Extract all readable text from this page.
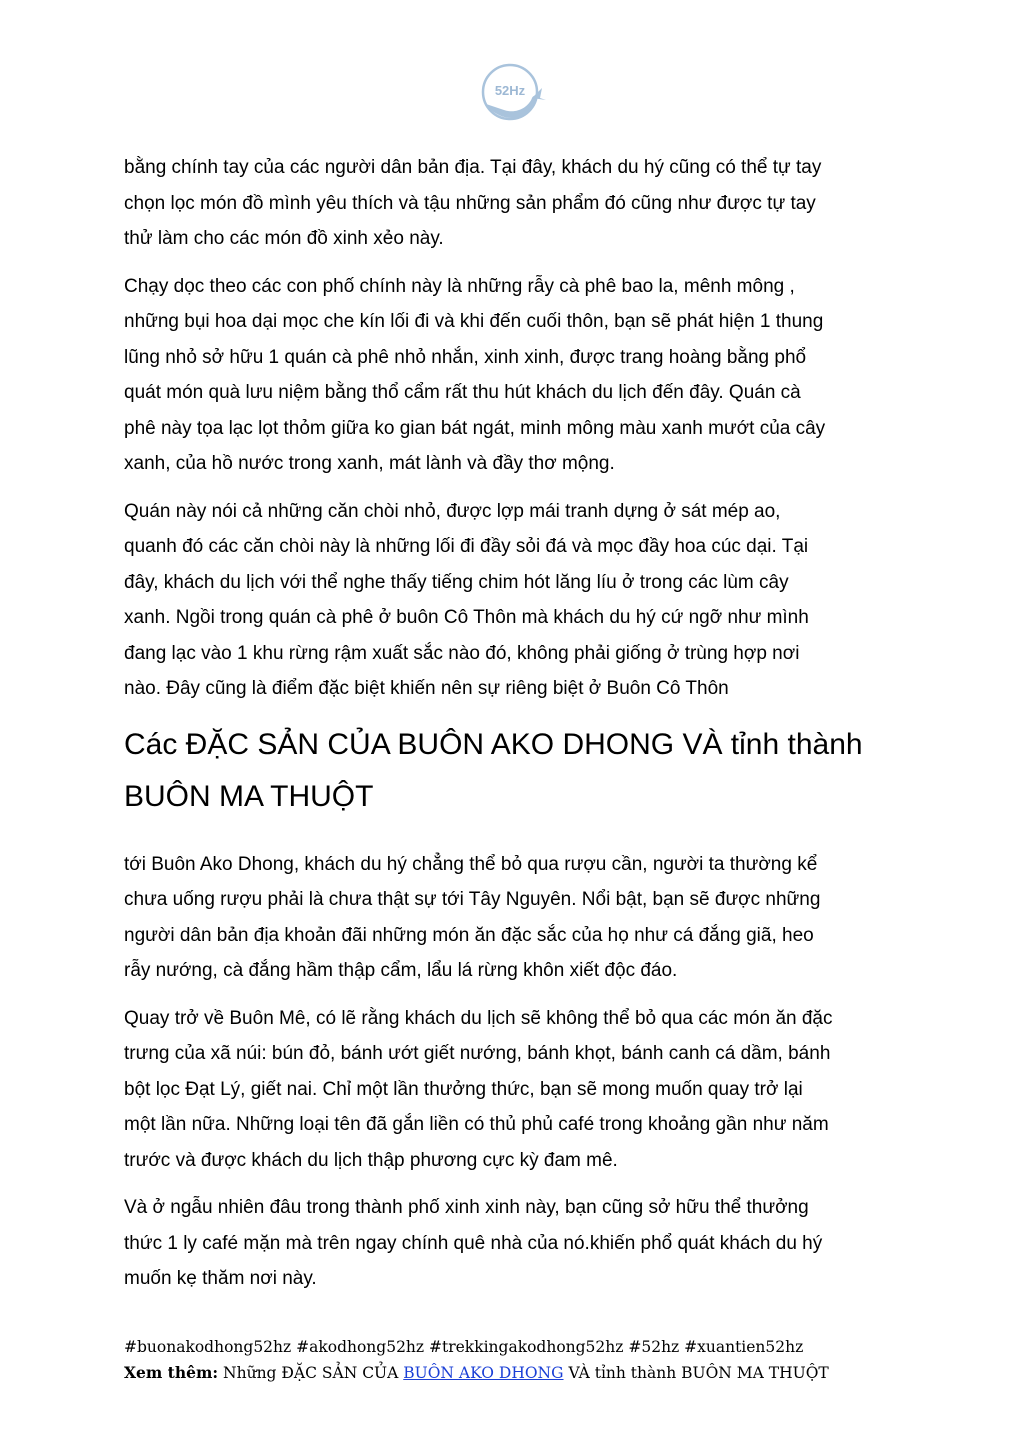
52Hz

bằng chính tay của các người dân bản địa. Tại đây, khách du hý cũng có thể tự tay
chọn lọc món đồ mình yêu thích và tậu những sản phẩm đó cũng như được tự tay
thử làm cho các món đồ xinh xẻo này.

Chạy dọc theo các con phố chính này là những rẫy cà phê bao la, mênh mông ,
những bụi hoa dại mọc che kín lối đi và khi đến cuối thôn, bạn sẽ phát hiện 1 thung
lũng nhỏ sở hữu 1 quán cà phê nhỏ nhắn, xinh xinh, được trang hoàng bằng phổ
quát món quà lưu niệm bằng thổ cẩm rất thu hút khách du lịch đến đây. Quán cà
phê này tọa lạc lọt thỏm giữa ko gian bát ngát, minh mông màu xanh mướt của cây
xanh, của hồ nước trong xanh, mát lành và đầy thơ mộng.

Quán này nói cả những căn chòi nhỏ, được lợp mái tranh dựng ở sát mép ao,
quanh đó các căn chòi này là những lối đi đầy sỏi đá và mọc đầy hoa cúc dại. Tại
đây, khách du lịch với thể nghe thấy tiếng chim hót lăng líu ở trong các lùm cây
xanh. Ngồi trong quán cà phê ở buôn Cô Thôn mà khách du hý cứ ngỡ như mình
đang lạc vào 1 khu rừng rậm xuất sắc nào đó, không phải giống ở trùng hợp nơi
nào. Đây cũng là điểm đặc biệt khiến nên sự riêng biệt ở Buôn Cô Thôn

Các ĐẶC SẢN CỦA BUÔN AKO DHONG VÀ tỉnh thành
BUÔN MA THUỘT

tới Buôn Ako Dhong, khách du hý chẳng thể bỏ qua rượu cần, người ta thường kể
chưa uống rượu phải là chưa thật sự tới Tây Nguyên. Nổi bật, bạn sẽ được những
người dân bản địa khoản đãi những món ăn đặc sắc của họ như cá đắng giã, heo
rẫy nướng, cà đắng hầm thập cẩm, lẩu lá rừng khôn xiết độc đáo.

Quay trở về Buôn Mê, có lẽ rằng khách du lịch sẽ không thể bỏ qua các món ăn đặc
trưng của xã núi: bún đỏ, bánh ướt giết nướng, bánh khọt, bánh canh cá dầm, bánh
bột lọc Đạt Lý, giết nai. Chỉ một lần thưởng thức, bạn sẽ mong muốn quay trở lại
một lần nữa. Những loại tên đã gắn liền có thủ phủ café trong khoảng gần như năm
trước và được khách du lịch thập phương cực kỳ đam mê.

Và ở ngẫu nhiên đâu trong thành phố xinh xinh này, bạn cũng sở hữu thể thưởng
thức 1 ly café mặn mà trên ngay chính quê nhà của nó.khiến phổ quát khách du hý
muốn kẹ thăm nơi này.

#buonakodhong52hz #akodhong52hz #trekkingakodhong52hz #52hz #xuantien52hz
Xem thêm: Những ĐẶC SẢN CỦA BUÔN AKO DHONG VÀ tỉnh thành BUÔN MA THUỘT
